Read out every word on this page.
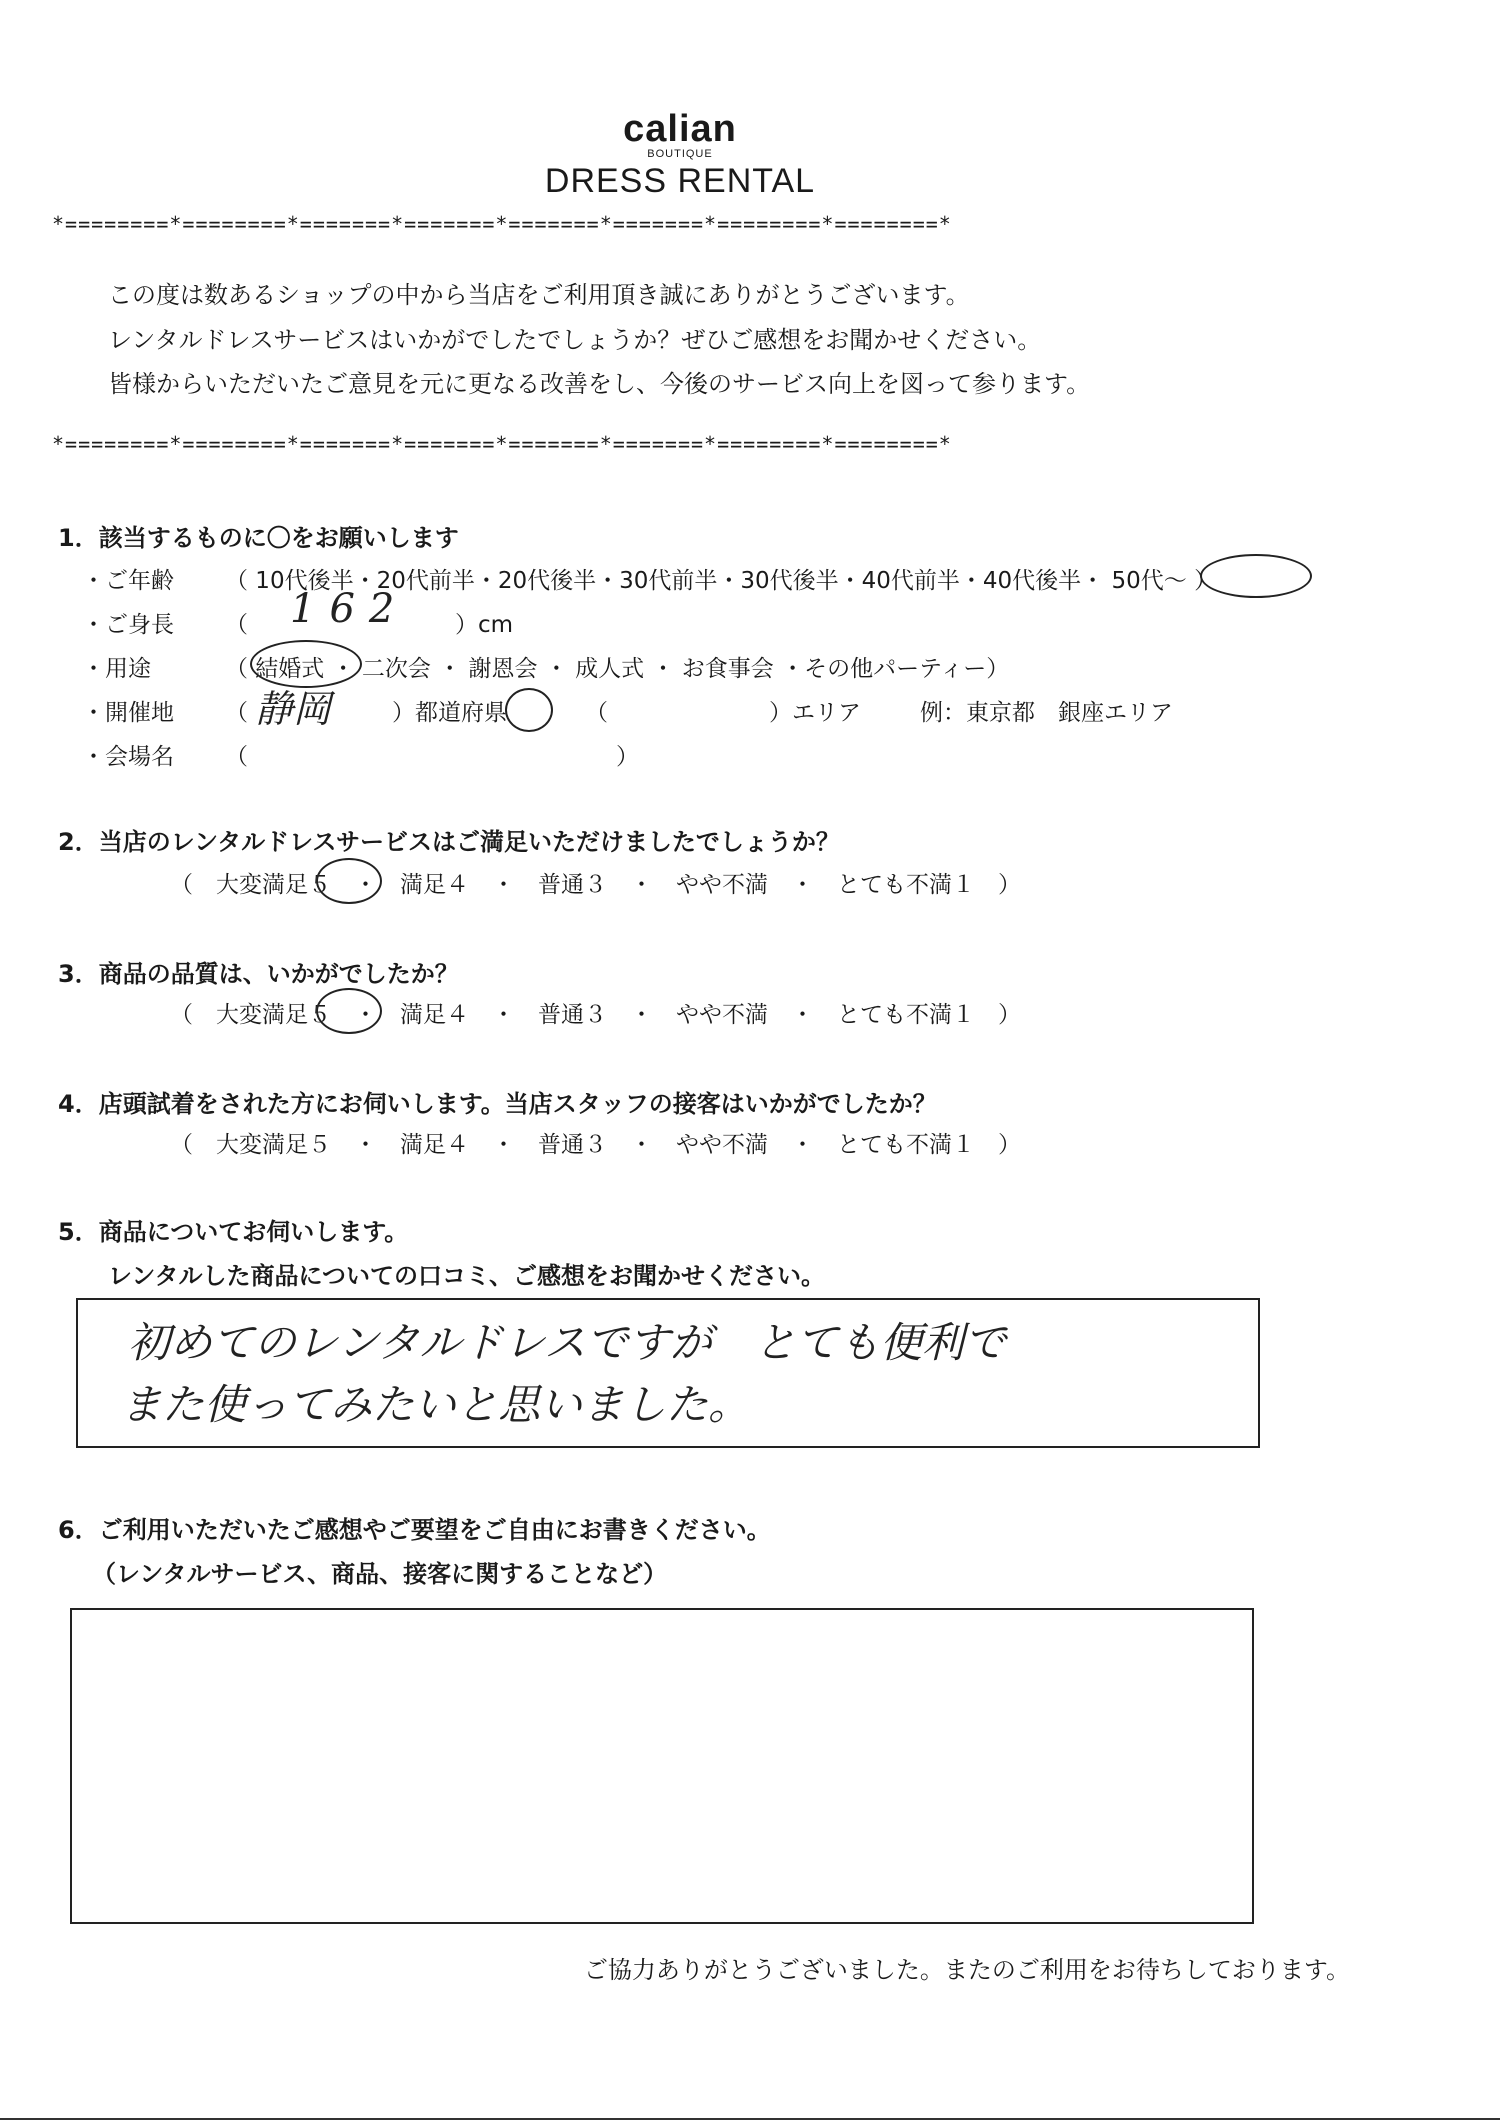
calian
BOUTIQUE
DRESS RENTAL
*========*========*=======*=======*=======*=======*========*========*
この度は数あるショップの中から当店をご利用頂き誠にありがとうございます。
レンタルドレスサービスはいかがでしたでしょうか？ぜひご感想をお聞かせください。
皆様からいただいたご意見を元に更なる改善をし、今後のサービス向上を図って参ります。
*========*========*=======*=======*=======*=======*========*========*
1．該当するものに〇をお願いします
・ご年齢 （ 10代後半・20代前半・20代後半・30代前半・30代後半・40代前半・40代後半・ 50代〜 ）
・ご身長 （ 162 ）cm
・用途	（ 結婚式 ・ 二次会 ・ 謝恩会 ・ 成人式 ・ お食事会 ・その他パーティー）
・開催地 （ 静岡	）都道府県	（　　　　　　　）エリア	例：東京都　銀座エリア
・会場名 （　　　　　　　　　　　　　　　　）
2．当店のレンタルドレスサービスはご満足いただけましたでしょうか？
（　大変満足５　・　満足４　・　普通３　・　やや不満　・　とても不満１　）
3．商品の品質は、いかがでしたか？
（　大変満足５　・　満足４　・　普通３　・　やや不満　・　とても不満１　）
4．店頭試着をされた方にお伺いします。当店スタッフの接客はいかがでしたか？
（　大変満足５　・　満足４　・　普通３　・　やや不満　・　とても不満１　）
5．商品についてお伺いします。
レンタルした商品についての口コミ、ご感想をお聞かせください。
初めてのレンタルドレスですが　とても便利で
また使ってみたいと思いました。
6．ご利用いただいたご感想やご要望をご自由にお書きください。
（レンタルサービス、商品、接客に関することなど）
ご協力ありがとうございました。またのご利用をお待ちしております。
